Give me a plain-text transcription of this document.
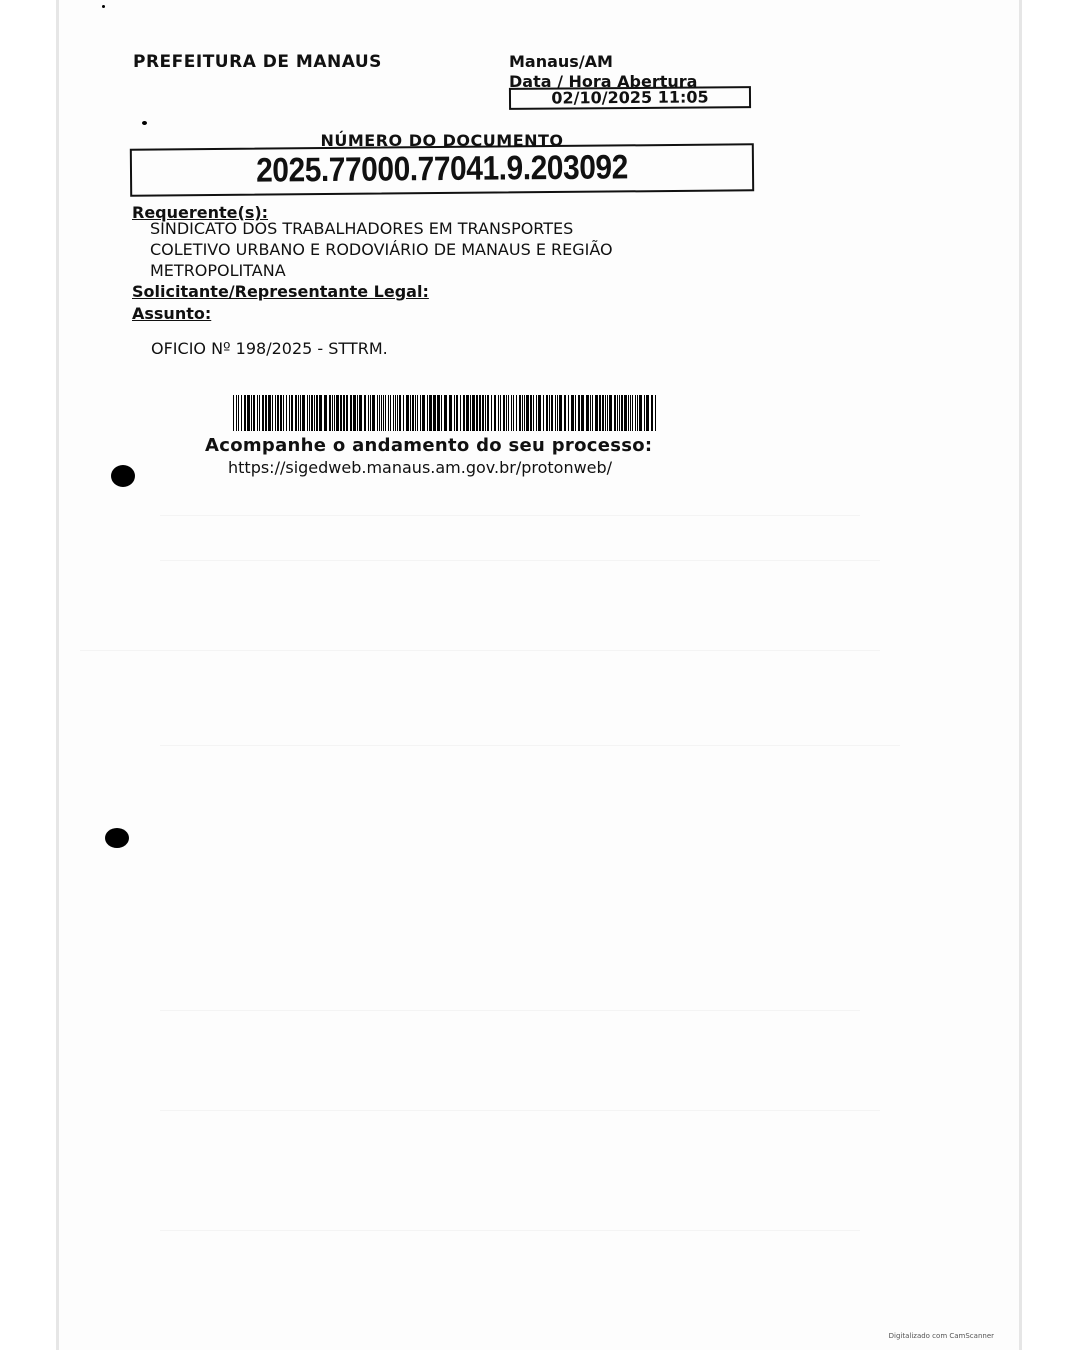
PREFEITURA DE MANAUS	Manaus/AM
Data / Hora Abertura
02/10/2025 11:05
NÚMERO DO DOCUMENTO
2025.77000.77041.9.203092
Requerente(s):
SINDICATO DOS TRABALHADORES EM TRANSPORTES
COLETIVO URBANO E RODOVIÁRIO DE MANAUS E REGIÃO
METROPOLITANA
Solicitante/Representante Legal:
Assunto:
OFICIO Nº 198/2025 - STTRM.
Acompanhe o andamento do seu processo:
https://sigedweb.manaus.am.gov.br/protonweb/
Digitalizado com CamScanner
